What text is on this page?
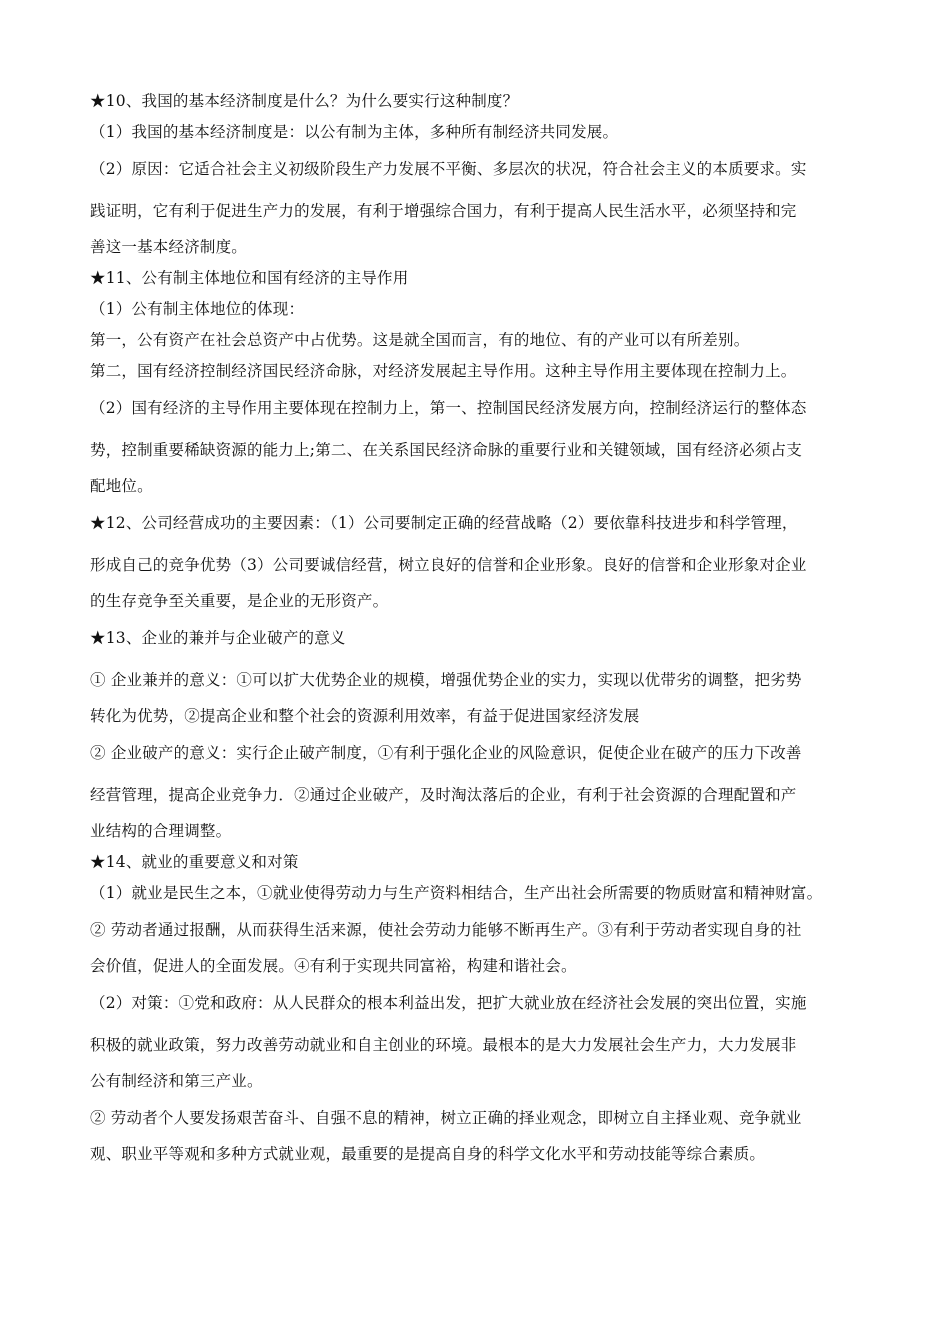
★10、我国的基本经济制度是什么？为什么要实行这种制度？
（1）我国的基本经济制度是：以公有制为主体，多种所有制经济共同发展。
（2）原因：它适合社会主义初级阶段生产力发展不平衡、多层次的状况，符合社会主义的本质要求。实
践证明，它有利于促进生产力的发展，有利于增强综合国力，有利于提高人民生活水平，必须坚持和完
善这一基本经济制度。
★11、公有制主体地位和国有经济的主导作用
（1）公有制主体地位的体现：
第一，公有资产在社会总资产中占优势。这是就全国而言，有的地位、有的产业可以有所差别。
第二，国有经济控制经济国民经济命脉，对经济发展起主导作用。这种主导作用主要体现在控制力上。
（2）国有经济的主导作用主要体现在控制力上，第一、控制国民经济发展方向，控制经济运行的整体态
势，控制重要稀缺资源的能力上;第二、在关系国民经济命脉的重要行业和关键领域，国有经济必须占支
配地位。
★12、公司经营成功的主要因素：（1）公司要制定正确的经营战略（2）要依靠科技进步和科学管理，
形成自己的竞争优势（3）公司要诚信经营，树立良好的信誉和企业形象。良好的信誉和企业形象对企业
的生存竞争至关重要，是企业的无形资产。
★13、企业的兼并与企业破产的意义
① 企业兼并的意义：①可以扩大优势企业的规模，增强优势企业的实力，实现以优带劣的调整，把劣势
转化为优势，②提高企业和整个社会的资源利用效率，有益于促进国家经济发展
② 企业破产的意义：实行企止破产制度，①有利于强化企业的风险意识，促使企业在破产的压力下改善
经营管理，提高企业竞争力．②通过企业破产，及时淘汰落后的企业，有利于社会资源的合理配置和产
业结构的合理调整。
★14、就业的重要意义和对策
（1）就业是民生之本，①就业使得劳动力与生产资料相结合，生产出社会所需要的物质财富和精神财富。
② 劳动者通过报酬，从而获得生活来源，使社会劳动力能够不断再生产。③有利于劳动者实现自身的社
会价值，促进人的全面发展。④有利于实现共同富裕，构建和谐社会。
（2）对策：①党和政府：从人民群众的根本利益出发，把扩大就业放在经济社会发展的突出位置，实施
积极的就业政策，努力改善劳动就业和自主创业的环境。最根本的是大力发展社会生产力，大力发展非
公有制经济和第三产业。
② 劳动者个人要发扬艰苦奋斗、自强不息的精神，树立正确的择业观念，即树立自主择业观、竞争就业
观、职业平等观和多种方式就业观，最重要的是提高自身的科学文化水平和劳动技能等综合素质。
